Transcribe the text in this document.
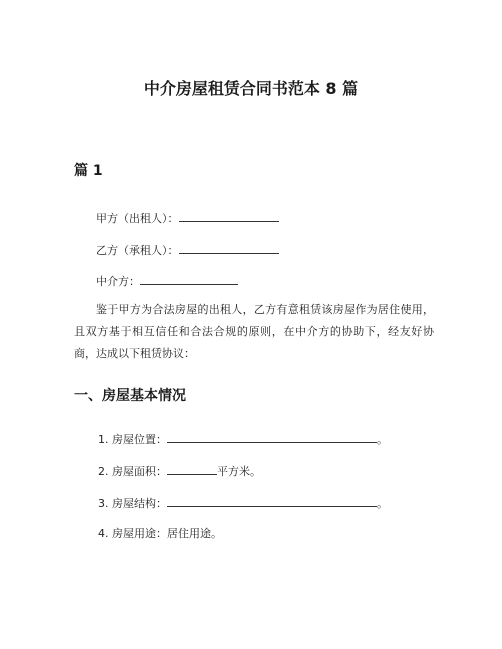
中介房屋租赁合同书范本 8 篇
篇 1
甲方（出租人）：
乙方（承租人）：
中介方：

鉴于甲方为合法房屋的出租人，乙方有意租赁该房屋作为居住使用，且双方基于相互信任和合法合规的原则，在中介方的协助下，经友好协商，达成以下租赁协议：

一、房屋基本情况
1. 房屋位置：	。
2. 房屋面积：	平方米。
3. 房屋结构：	。
4. 房屋用途：居住用途。
